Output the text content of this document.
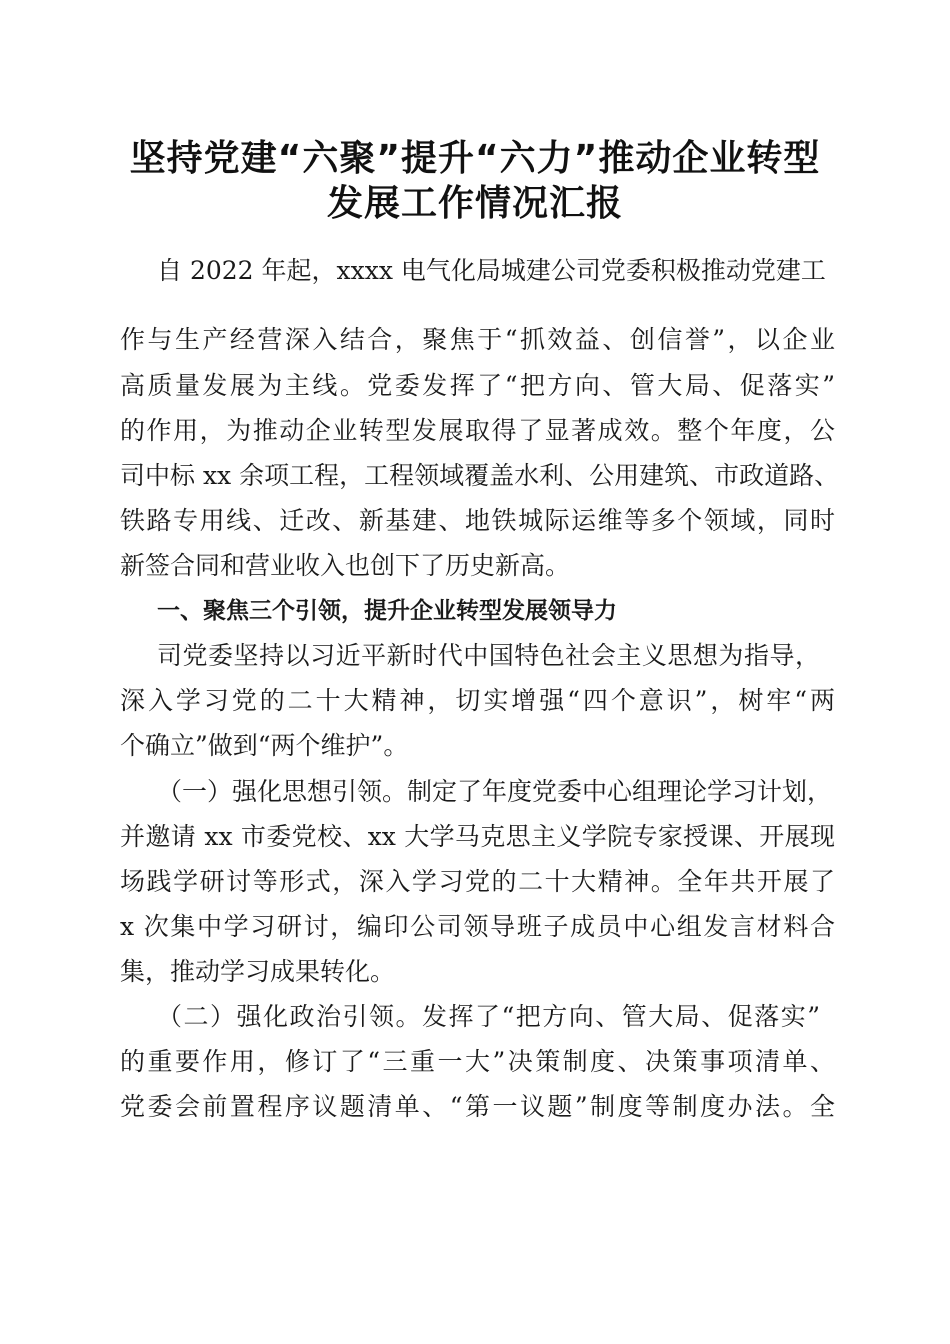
坚持党建“六聚”提升“六力”推动企业转型
发展工作情况汇报
自 2022 年起，xxxx 电气化局城建公司党委积极推动党建工
作与生产经营深入结合，聚焦于“抓效益、创信誉”，以企业
高质量发展为主线。党委发挥了“把方向、管大局、促落实”
的作用，为推动企业转型发展取得了显著成效。整个年度，公
司中标 xx 余项工程，工程领域覆盖水利、公用建筑、市政道路、
铁路专用线、迁改、新基建、地铁城际运维等多个领域，同时
新签合同和营业收入也创下了历史新高。
一、聚焦三个引领，提升企业转型发展领导力
司党委坚持以习近平新时代中国特色社会主义思想为指导，
深入学习党的二十大精神，切实增强“四个意识”，树牢“两
个确立”做到“两个维护”。
（一）强化思想引领。制定了年度党委中心组理论学习计划，
并邀请 xx 市委党校、xx 大学马克思主义学院专家授课、开展现
场践学研讨等形式，深入学习党的二十大精神。全年共开展了
x 次集中学习研讨，编印公司领导班子成员中心组发言材料合
集，推动学习成果转化。
（二）强化政治引领。发挥了“把方向、管大局、促落实”
的重要作用，修订了“三重一大”决策制度、决策事项清单、
党委会前置程序议题清单、“第一议题”制度等制度办法。全
